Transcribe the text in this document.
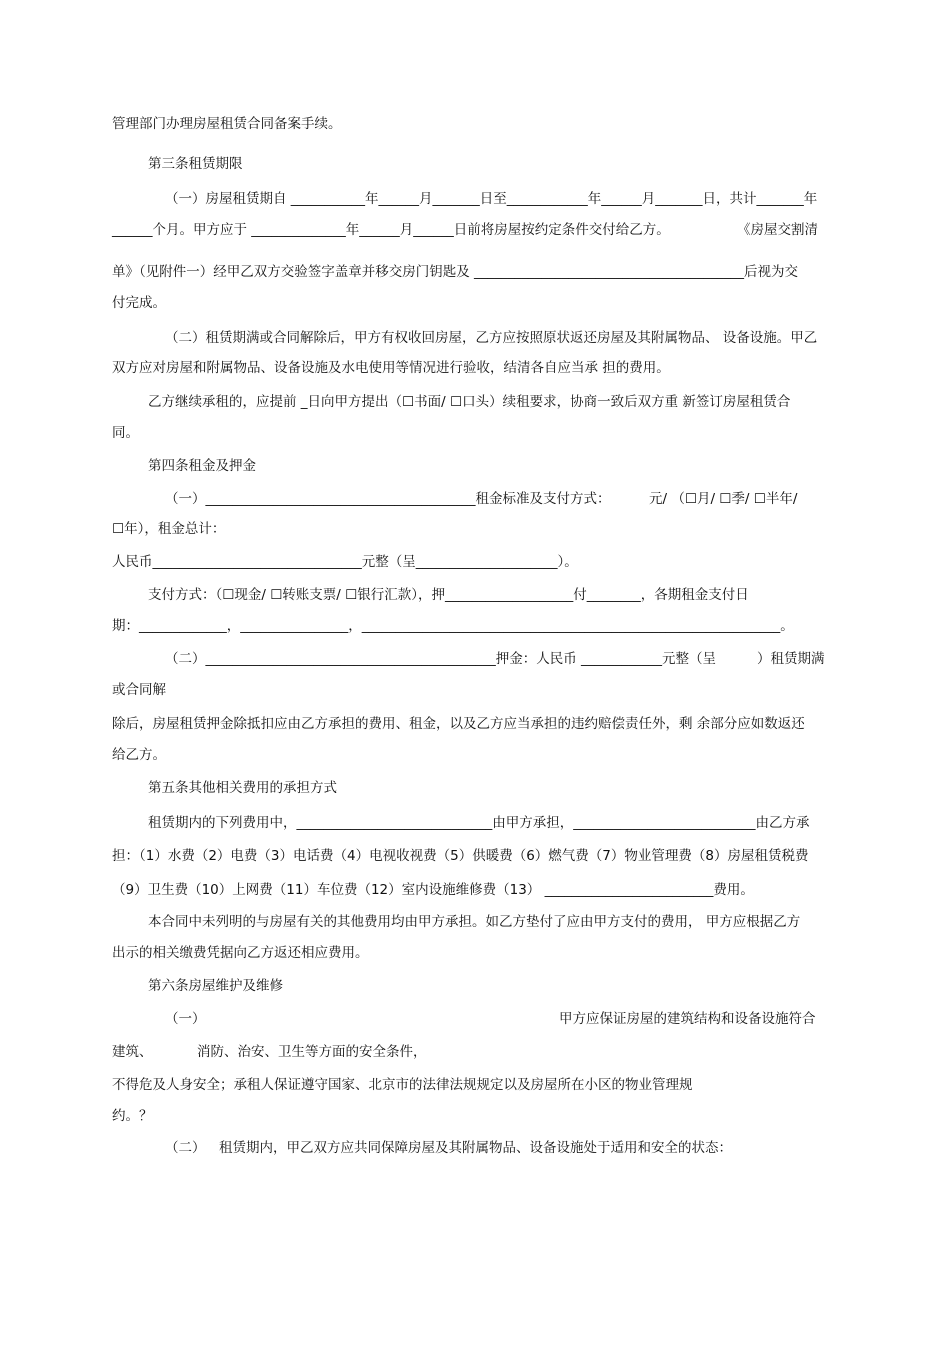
管理部门办理房屋租赁合同备案手续。
第三条租赁期限
（一）房屋租赁期自 ___________年______月_______日至____________年______月_______日，共计_______年
______个月。甲方应于 ______________年______月______日前将房屋按约定条件交付给乙方。	《房屋交割清
单》（见附件一）经甲乙双方交验签字盖章并移交房门钥匙及 ________________________________________后视为交
付完成。
（二）租赁期满或合同解除后，甲方有权收回房屋，乙方应按照原状返还房屋及其附属物品、 设备设施。甲乙
双方应对房屋和附属物品、设备设施及水电使用等情况进行验收，结清各自应当承 担的费用。
乙方继续承租的，应提前 _日向甲方提出（☐书面/ ☐口头）续租要求，协商一致后双方重 新签订房屋租赁合
同。
第四条租金及押金
（一）________________________________________租金标准及支付方式：	元/ （☐月/ ☐季/ ☐半年/
☐年），租金总计：
人民币_______________________________元整（呈_____________________）。
支付方式：（☐现金/ ☐转账支票/ ☐银行汇款），押___________________付________，各期租金支付日
期：_____________，________________，______________________________________________________________。
（二）___________________________________________押金：人民币 ____________元整（呈	）租赁期满
或合同解
除后，房屋租赁押金除抵扣应由乙方承担的费用、租金，以及乙方应当承担的违约赔偿责任外，剩 余部分应如数返还
给乙方。
第五条其他相关费用的承担方式
租赁期内的下列费用中，_____________________________由甲方承担，___________________________由乙方承
担：（1）水费（2）电费（3）电话费（4）电视收视费（5）供暖费（6）燃气费（7）物业管理费（8）房屋租赁税费
（9）卫生费（10）上网费（11）车位费（12）室内设施维修费（13） _________________________费用。
本合同中未列明的与房屋有关的其他费用均由甲方承担。如乙方垫付了应由甲方支付的费用， 甲方应根据乙方
出示的相关缴费凭据向乙方返还相应费用。
第六条房屋维护及维修
（一）	甲方应保证房屋的建筑结构和设备设施符合
建筑、	消防、治安、卫生等方面的安全条件，
不得危及人身安全；承租人保证遵守国家、北京市的法律法规规定以及房屋所在小区的物业管理规
约。？
（二） 租赁期内，甲乙双方应共同保障房屋及其附属物品、设备设施处于适用和安全的状态：
